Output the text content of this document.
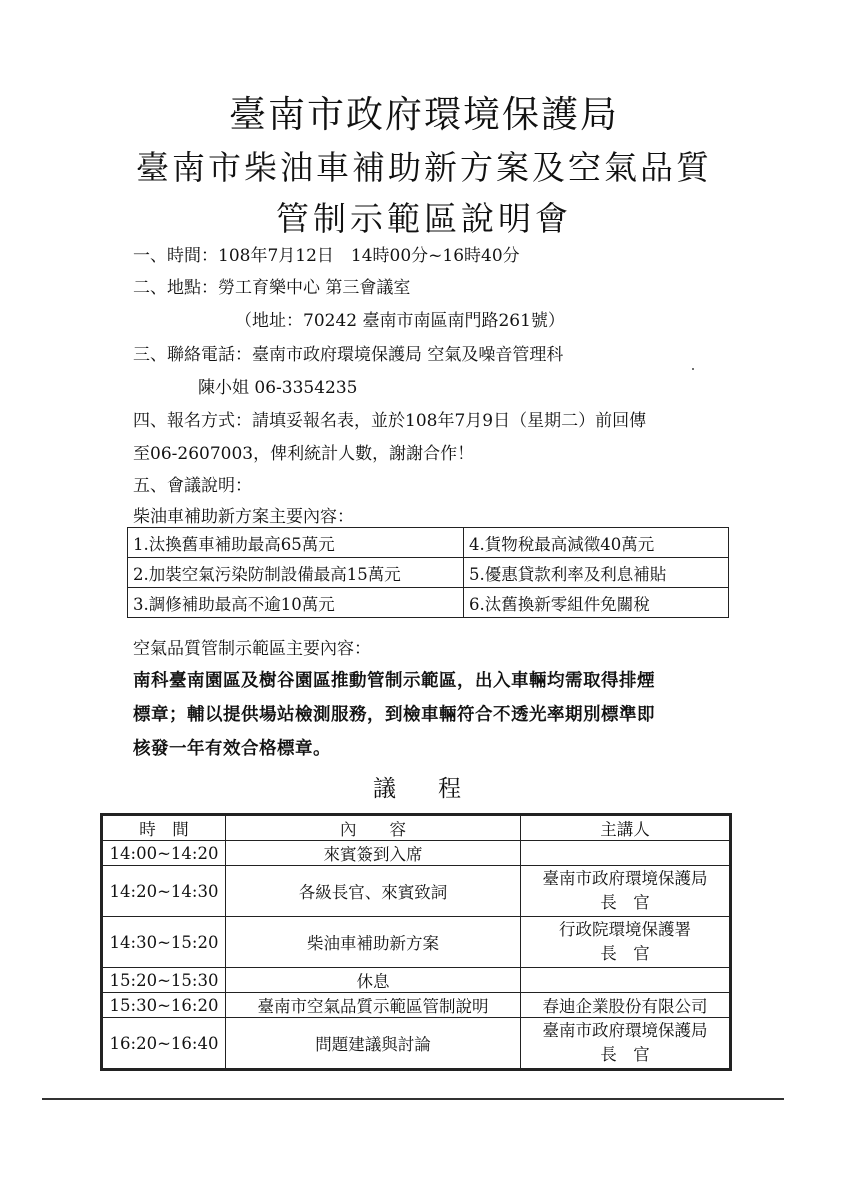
臺南市政府環境保護局
臺南市柴油車補助新方案及空氣品質
管制示範區說明會
一、時間：108年7月12日　14時00分~16時40分
二、地點：勞工育樂中心 第三會議室
（地址：70242 臺南市南區南門路261號）
三、聯絡電話：臺南市政府環境保護局 空氣及噪音管理科
陳小姐 06-3354235
四、報名方式：請填妥報名表，並於108年7月9日（星期二）前回傳
至06-2607003，俾利統計人數，謝謝合作！
五、會議說明：
柴油車補助新方案主要內容：
1.汰換舊車補助最高65萬元	4.貨物稅最高減徵40萬元
2.加裝空氣污染防制設備最高15萬元	5.優惠貸款利率及利息補貼
3.調修補助最高不逾10萬元	6.汰舊換新零組件免關稅
空氣品質管制示範區主要內容：
南科臺南園區及樹谷園區推動管制示範區，出入車輛均需取得排煙
標章；輔以提供場站檢測服務，到檢車輛符合不透光率期別標準即
核發一年有效合格標章。
議程
時　間	內　　容	主講人
14:00~14:20	來賓簽到入席	
14:20~14:30	各級長官、來賓致詞	臺南市政府環境保護局
長　官

14:30~15:20	柴油車補助新方案	行政院環境保護署
長　官

15:20~15:30	休息	
15:30~16:20	臺南市空氣品質示範區管制說明	春迪企業股份有限公司
16:20~16:40	問題建議與討論	臺南市政府環境保護局
長　官
